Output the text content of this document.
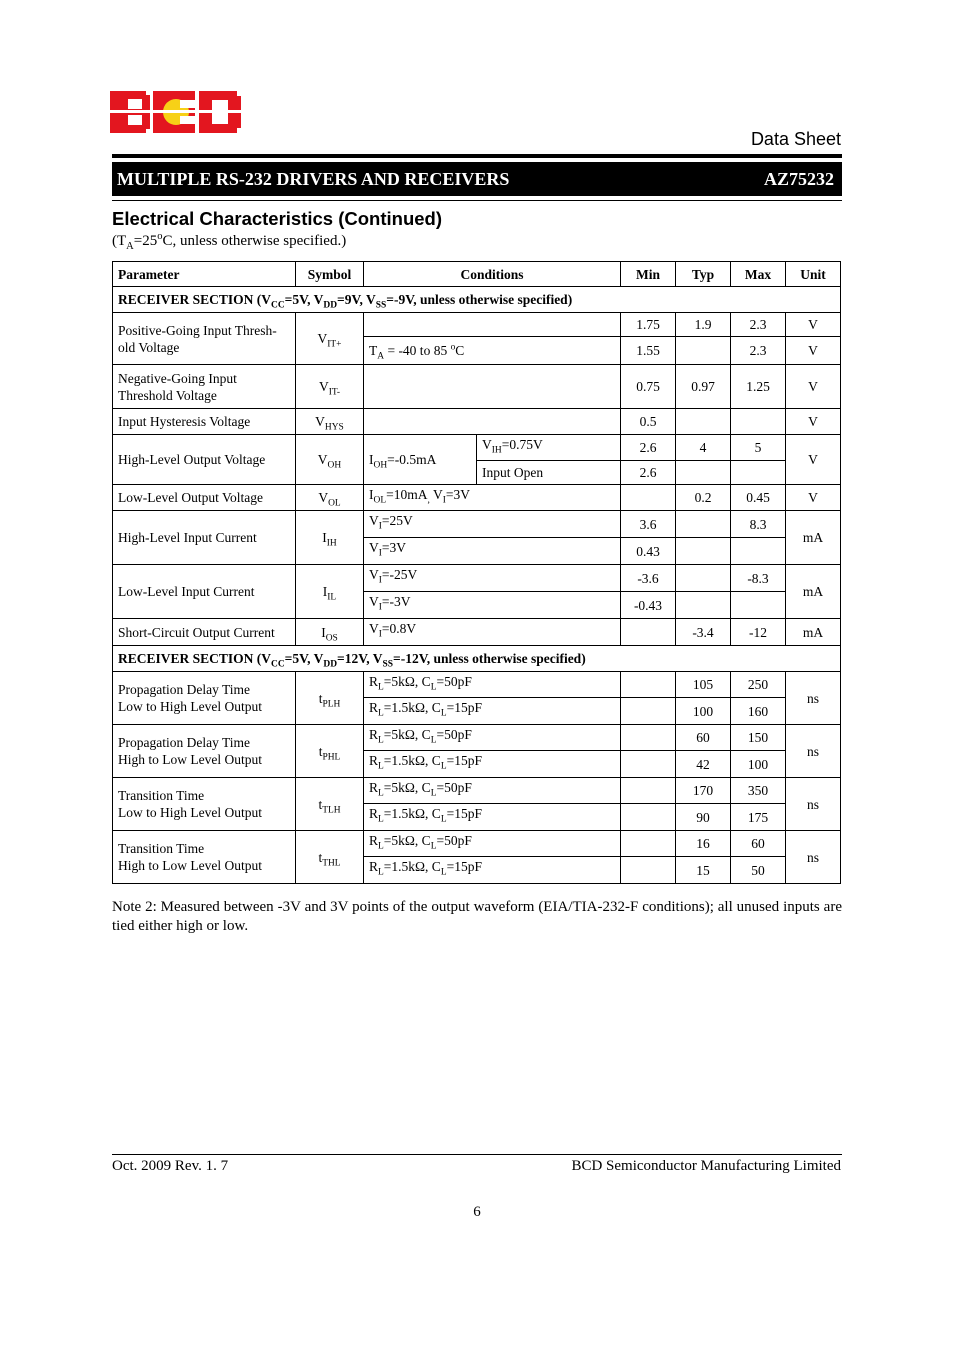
Data Sheet
MULTIPLE RS-232 DRIVERS AND RECEIVERS	AZ75232
Electrical Characteristics (Continued)
($T_A=25^oC$, unless otherwise specified.)
Parameter	Symbol	Conditions		Min	Typ	Max	Unit
RECEIVER SECTION ($V_{CC}=5V$, $V_{DD}=9V$, $V_{SS}=-9V$, unless otherwise specified)							
Positive-Going Input Thresh-old Voltage	$V_{IT+}$			1.75	1.9	2.3	V
		$T_A = -40$ to 85 $^o$C		1.55		2.3	V
Negative-Going Input Threshold Voltage	$V_{IT-}$			0.75	0.97	1.25	V
Input Hysteresis Voltage	$V_{HYS}$			0.5			V
High-Level Output Voltage	$V_{OH}$	$I_{OH}=-0.5mA$	$V_{IH}=0.75V$	2.6	4	5	V
			Input Open	2.6			
Low-Level Output Voltage	$V_{OL}$	$I_{OL}=10mA_,$ $V_I=3V$			0.2	0.45	V
High-Level Input Current	$I_{IH}$	$V_I=25V$		3.6		8.3	mA
		$V_I=3V$		0.43			
Low-Level Input Current	$I_{IL}$	$V_I=-25V$		-3.6		-8.3	mA
		$V_I=-3V$		-0.43			
Short-Circuit Output Current	$I_{OS}$	$V_I=0.8V$			-3.4	-12	mA
RECEIVER SECTION ($V_{CC}=5V$, $V_{DD}=12V$, $V_{SS}=-12V$, unless otherwise specified)							
Propagation Delay Time
Low to High Level Output	$t_{PLH}$	$R_L=5k\Omega$, $C_L=50pF$			105	250	ns
		$R_L=1.5k\Omega$, $C_L=15pF$			100	160	
Propagation Delay Time
High to Low Level Output	$t_{PHL}$	$R_L=5k\Omega$, $C_L=50pF$			60	150	ns
		$R_L=1.5k\Omega$, $C_L=15pF$			42	100	
Transition Time
Low to High Level Output	$t_{TLH}$	$R_L=5k\Omega$, $C_L=50pF$			170	350	ns
		$R_L=1.5k\Omega$, $C_L=15pF$			90	175	
Transition Time
High to Low Level Output	$t_{THL}$	$R_L=5k\Omega$, $C_L=50pF$			16	60	ns
		$R_L=1.5k\Omega$, $C_L=15pF$			15	50	
Note 2: Measured between -3V and 3V points of the output waveform (EIA/TIA-232-F conditions); all unused inputs are tied either high or low.
Oct. 2009 Rev. 1. 7	BCD Semiconductor Manufacturing Limited
6
